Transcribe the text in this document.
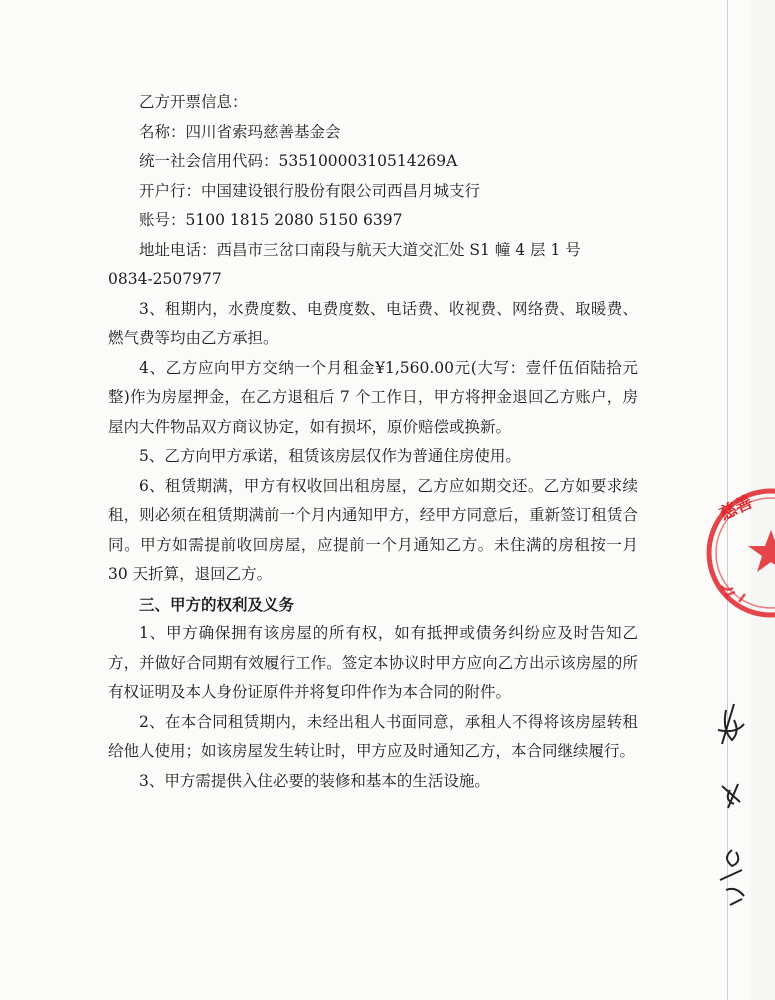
乙方开票信息：

名称：四川省索玛慈善基金会

统一社会信用代码：53510000310514269A

开户行：中国建设银行股份有限公司西昌月城支行

账号：5100 1815 2080 5150 6397

地址电话：西昌市三岔口南段与航天大道交汇处 S1 幢 4 层 1 号

0834-2507977

3、租期内，水费度数、电费度数、电话费、收视费、网络费、取暖费、燃气费等均由乙方承担。

4、乙方应向甲方交纳一个月租金¥1,560.00元(大写：壹仟伍佰陆拾元整)作为房屋押金，在乙方退租后 7 个工作日，甲方将押金退回乙方账户，房屋内大件物品双方商议协定，如有损坏，原价赔偿或换新。

5、乙方向甲方承诺，租赁该房层仅作为普通住房使用。

6、租赁期满，甲方有权收回出租房屋，乙方应如期交还。乙方如要求续租，则必须在租赁期满前一个月内通知甲方，经甲方同意后，重新签订租赁合同。甲方如需提前收回房屋，应提前一个月通知乙方。未住满的房租按一月 30 天折算，退回乙方。

三、甲方的权利及义务

1、甲方确保拥有该房屋的所有权，如有抵押或债务纠纷应及时告知乙方，并做好合同期有效履行工作。签定本协议时甲方应向乙方出示该房屋的所有权证明及本人身份证原件并将复印件作为本合同的附件。

2、在本合同租赁期内，未经出租人书面同意，承租人不得将该房屋转租给他人使用；如该房屋发生转让时，甲方应及时通知乙方，本合同继续履行。

3、甲方需提供入住必要的装修和基本的生活设施。

慈善
